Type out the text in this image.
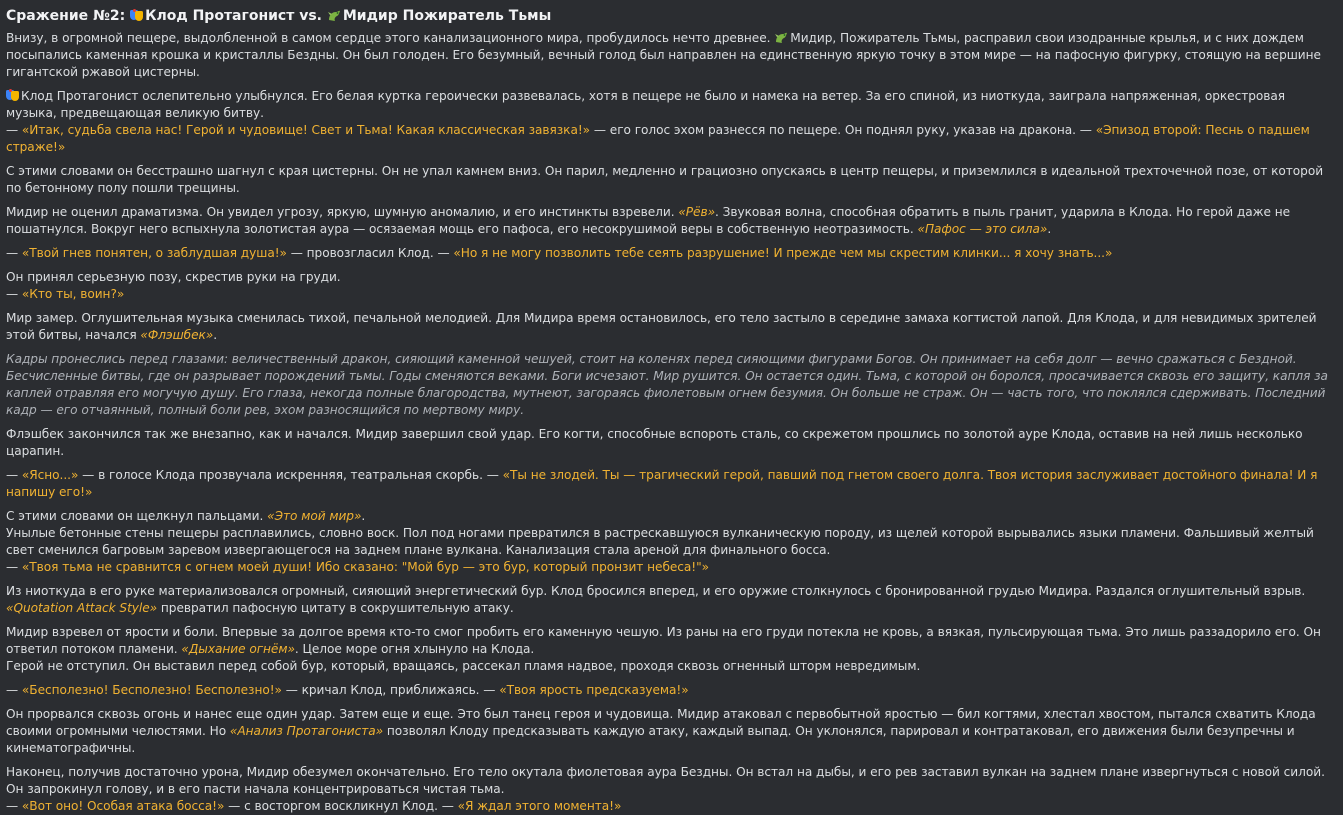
Сражение №2:
Клод Протагонист vs. Мидир Пожиратель Тьмы
Внизу, в огромной пещере, выдолбленной в самом сердце этого канализационного мира, пробудилось нечто древнее. Мидир, Пожиратель Тьмы, расправил свои изодранные крылья, и с них дождем посыпались каменная крошка и кристаллы Бездны. Он был голоден. Его безумный, вечный голод был направлен на единственную яркую точку в этом мире — на пафосную фигурку, стоящую на вершине гигантской ржавой цистерны.
Клод Протагонист ослепительно улыбнулся. Его белая куртка героически развевалась, хотя в пещере не было и намека на ветер. За его спиной, из ниоткуда, заиграла напряженная, оркестровая музыка, предвещающая великую битву.
— «Итак, судьба свела нас! Герой и чудовище! Свет и Тьма! Какая классическая завязка!» — его голос эхом разнесся по пещере. Он поднял руку, указав на дракона. — «Эпизод второй: Песнь о падшем страже!»
С этими словами он бесстрашно шагнул с края цистерны. Он не упал камнем вниз. Он парил, медленно и грациозно опускаясь в центр пещеры, и приземлился в идеальной трехточечной позе, от которой по бетонному полу пошли трещины.
Мидир не оценил драматизма. Он увидел угрозу, яркую, шумную аномалию, и его инстинкты взревели. «Рёв». Звуковая волна, способная обратить в пыль гранит, ударила в Клода. Но герой даже не пошатнулся. Вокруг него вспыхнула золотистая аура — осязаемая мощь его пафоса, его несокрушимой веры в собственную неотразимость. «Пафос — это сила».
— «Твой гнев понятен, о заблудшая душа!» — провозгласил Клод. — «Но я не могу позволить тебе сеять разрушение! И прежде чем мы скрестим клинки... я хочу знать...»
Он принял серьезную позу, скрестив руки на груди.
— «Кто ты, воин?»
Мир замер. Оглушительная музыка сменилась тихой, печальной мелодией. Для Мидира время остановилось, его тело застыло в середине замаха когтистой лапой. Для Клода, и для невидимых зрителей этой битвы, начался «Флэшбек».
Кадры пронеслись перед глазами: величественный дракон, сияющий каменной чешуей, стоит на коленях перед сияющими фигурами Богов. Он принимает на себя долг — вечно сражаться с Бездной. Бесчисленные битвы, где он разрывает порождений тьмы. Годы сменяются веками. Боги исчезают. Мир рушится. Он остается один. Тьма, с которой он боролся, просачивается сквозь его защиту, капля за каплей отравляя его могучую душу. Его глаза, некогда полные благородства, мутнеют, загораясь фиолетовым огнем безумия. Он больше не страж. Он — часть того, что поклялся сдерживать. Последний кадр — его отчаянный, полный боли рев, эхом разносящийся по мертвому миру.
Флэшбек закончился так же внезапно, как и начался. Мидир завершил свой удар. Его когти, способные вспороть сталь, со скрежетом прошлись по золотой ауре Клода, оставив на ней лишь несколько царапин.
— «Ясно...» — в голосе Клода прозвучала искренняя, театральная скорбь. — «Ты не злодей. Ты — трагический герой, павший под гнетом своего долга. Твоя история заслуживает достойного финала! И я напишу его!»
С этими словами он щелкнул пальцами. «Это мой мир».
Унылые бетонные стены пещеры расплавились, словно воск. Пол под ногами превратился в растрескавшуюся вулканическую породу, из щелей которой вырывались языки пламени. Фальшивый желтый свет сменился багровым заревом извергающегося на заднем плане вулкана. Канализация стала ареной для финального босса.
— «Твоя тьма не сравнится с огнем моей души! Ибо сказано: "Мой бур — это бур, который пронзит небеса!"»
Из ниоткуда в его руке материализовался огромный, сияющий энергетический бур. Клод бросился вперед, и его оружие столкнулось с бронированной грудью Мидира. Раздался оглушительный взрыв. «Quotation Attack Style» превратил пафосную цитату в сокрушительную атаку.
Мидир взревел от ярости и боли. Впервые за долгое время кто-то смог пробить его каменную чешую. Из раны на его груди потекла не кровь, а вязкая, пульсирующая тьма. Это лишь раззадорило его. Он ответил потоком пламени. «Дыхание огнём». Целое море огня хлынуло на Клода.
Герой не отступил. Он выставил перед собой бур, который, вращаясь, рассекал пламя надвое, проходя сквозь огненный шторм невредимым.
— «Бесполезно! Бесполезно! Бесполезно!» — кричал Клод, приближаясь. — «Твоя ярость предсказуема!»
Он прорвался сквозь огонь и нанес еще один удар. Затем еще и еще. Это был танец героя и чудовища. Мидир атаковал с первобытной яростью — бил когтями, хлестал хвостом, пытался схватить Клода своими огромными челюстями. Но «Анализ Протагониста» позволял Клоду предсказывать каждую атаку, каждый выпад. Он уклонялся, парировал и контратаковал, его движения были безупречны и кинематографичны.
Наконец, получив достаточно урона, Мидир обезумел окончательно. Его тело окутала фиолетовая аура Бездны. Он встал на дыбы, и его рев заставил вулкан на заднем плане извергнуться с новой силой. Он запрокинул голову, и в его пасти начала концентрироваться чистая тьма.
— «Вот оно! Особая атака босса!» — с восторгом воскликнул Клод. — «Я ждал этого момента!»
